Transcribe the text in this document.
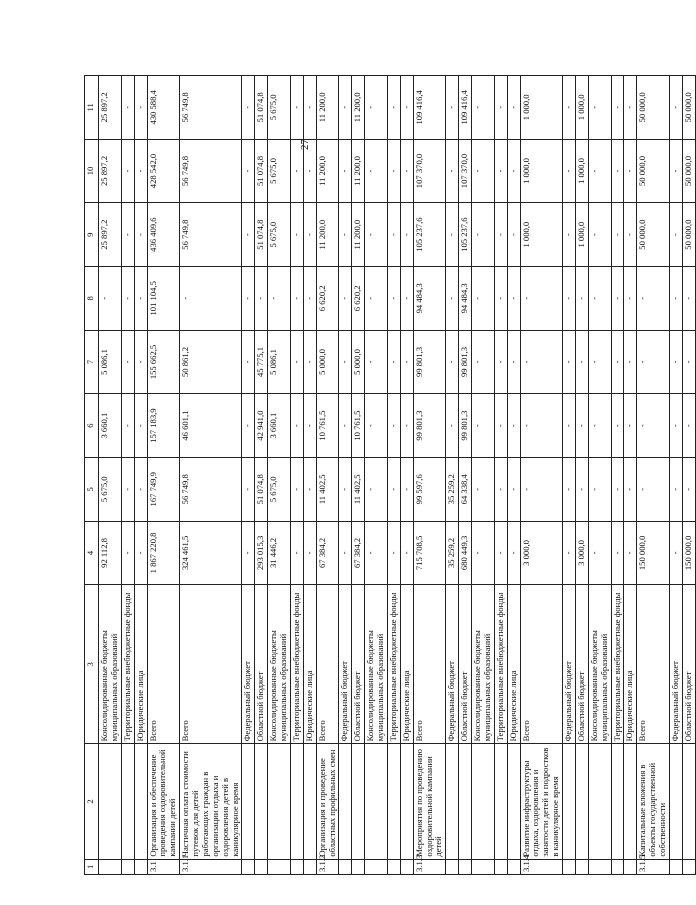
27
1	2	3	4	5	6	7	8	9	10	11
		Консолидированные бюджеты муниципальных образований	92 112,8	5 675,0	3 660,1	5 086,1	-	25 897,2	25 897,2	25 897,2
		Территориальные внебюджетные фонды	-	-	-	-	-	-	-	-
		Юридические лица	-	-	-	-	-	-	-	-
3.1	Организация и обеспечение проведения оздоровительной кампании детей	Всего	1 867 220,8	167 749,9	157 183,9	155 662,5	101 104,5	436 409,6	428 542,0	430 588,4
3.1.1	Частичная оплата стоимости путевок для детей работающих граждан в организации отдыха и оздоровления детей в каникулярное время	Всего	324 461,5	56 749,8	46 601,1	50 861,2	-	56 749,8	56 749,8	56 749,8
		Федеральный бюджет	-	-	-	-	-	-	-	-
		Областной бюджет	293 015,3	51 074,8	42 941,0	45 775,1	-	51 074,8	51 074,8	51 074,8
		Консолидированные бюджеты муниципальных образований	31 446,2	5 675,0	3 660,1	5 086,1	-	5 675,0	5 675,0	5 675,0
		Территориальные внебюджетные фонды	-	-	-	-	-	-	-	-
		Юридические лица	-	-	-	-	-	-	-	-
3.1.2	Организация и проведение областных профильных смен	Всего	67 384,2	11 402,5	10 761,5	5 000,0	6 620,2	11 200,0	11 200,0	11 200,0
		Федеральный бюджет	-	-	-	-	-	-	-	-
		Областной бюджет	67 384,2	11 402,5	10 761,5	5 000,0	6 620,2	11 200,0	11 200,0	11 200,0
		Консолидированные бюджеты муниципальных образований	-	-	-	-	-	-	-	-
		Территориальные внебюджетные фонды	-	-	-	-	-	-	-	-
		Юридические лица	-	-	-	-	-	-	-	-
3.1.3	Мероприятия по проведению оздоровительной кампании детей	Всего	715 708,5	99 597,6	99 801,3	99 801,3	94 484,3	105 237,6	107 370,0	109 416,4
		Федеральный бюджет	35 259,2	35 259,2	-	-	-	-	-	-
		Областной бюджет	680 449,3	64 338,4	99 801,3	99 801,3	94 484,3	105 237,6	107 370,0	109 416,4
		Консолидированные бюджеты муниципальных образований	-	-	-	-	-	-	-	-
		Территориальные внебюджетные фонды	-	-	-	-	-	-	-	-
		Юридические лица	-	-	-	-	-	-	-	-
3.1.4	Развитие инфраструктуры отдыха, оздоровления и занятости детей и подростков в каникулярное время	Всего	3 000,0	-	-	-	-	1 000,0	1 000,0	1 000,0
		Федеральный бюджет	-	-	-	-	-	-	-	-
		Областной бюджет	3 000,0	-	-	-	-	1 000,0	1 000,0	1 000,0
		Консолидированные бюджеты муниципальных образований	-	-	-	-	-	-	-	-
		Территориальные внебюджетные фонды	-	-	-	-	-	-	-	-
		Юридические лица	-	-	-	-	-	-	-	-
3.1.5	Капитальные вложения в объекты государственной собственности	Всего	150 000,0	-	-	-	-	50 000,0	50 000,0	50 000,0
		Федеральный бюджет	-	-	-	-	-	-	-	-
		Областной бюджет	150 000,0	-	-	-	-	50 000,0	50 000,0	50 000,0
